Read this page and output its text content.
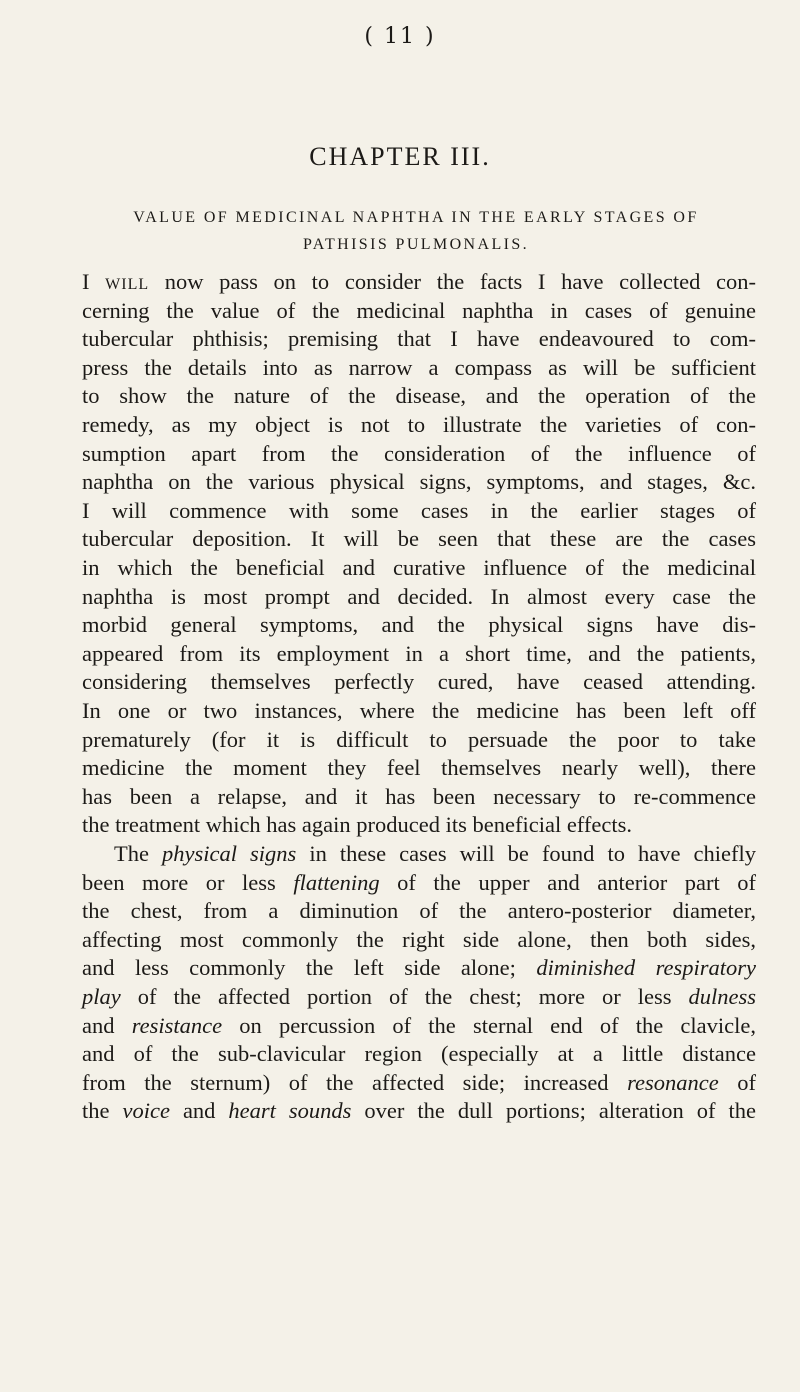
( 11 )
CHAPTER III.
VALUE OF MEDICINAL NAPHTHA IN THE EARLY STAGES OF
PATHISIS PULMONALIS.
I will now pass on to consider the facts I have collected con-
cerning the value of the medicinal naphtha in cases of genuine
tubercular phthisis; premising that I have endeavoured to com-
press the details into as narrow a compass as will be sufficient
to show the nature of the disease, and the operation of the
remedy, as my object is not to illustrate the varieties of con-
sumption apart from the consideration of the influence of
naphtha on the various physical signs, symptoms, and stages, &c.
I will commence with some cases in the earlier stages of
tubercular deposition. It will be seen that these are the cases
in which the beneficial and curative influence of the medicinal
naphtha is most prompt and decided. In almost every case the
morbid general symptoms, and the physical signs have dis-
appeared from its employment in a short time, and the patients,
considering themselves perfectly cured, have ceased attending.
In one or two instances, where the medicine has been left off
prematurely (for it is difficult to persuade the poor to take
medicine the moment they feel themselves nearly well), there
has been a relapse, and it has been necessary to re-commence
the treatment which has again produced its beneficial effects.
The physical signs in these cases will be found to have chiefly
been more or less flattening of the upper and anterior part of
the chest, from a diminution of the antero-posterior diameter,
affecting most commonly the right side alone, then both sides,
and less commonly the left side alone; diminished respiratory
play of the affected portion of the chest; more or less dulness
and resistance on percussion of the sternal end of the clavicle,
and of the sub-clavicular region (especially at a little distance
from the sternum) of the affected side; increased resonance of
the voice and heart sounds over the dull portions; alteration of the
